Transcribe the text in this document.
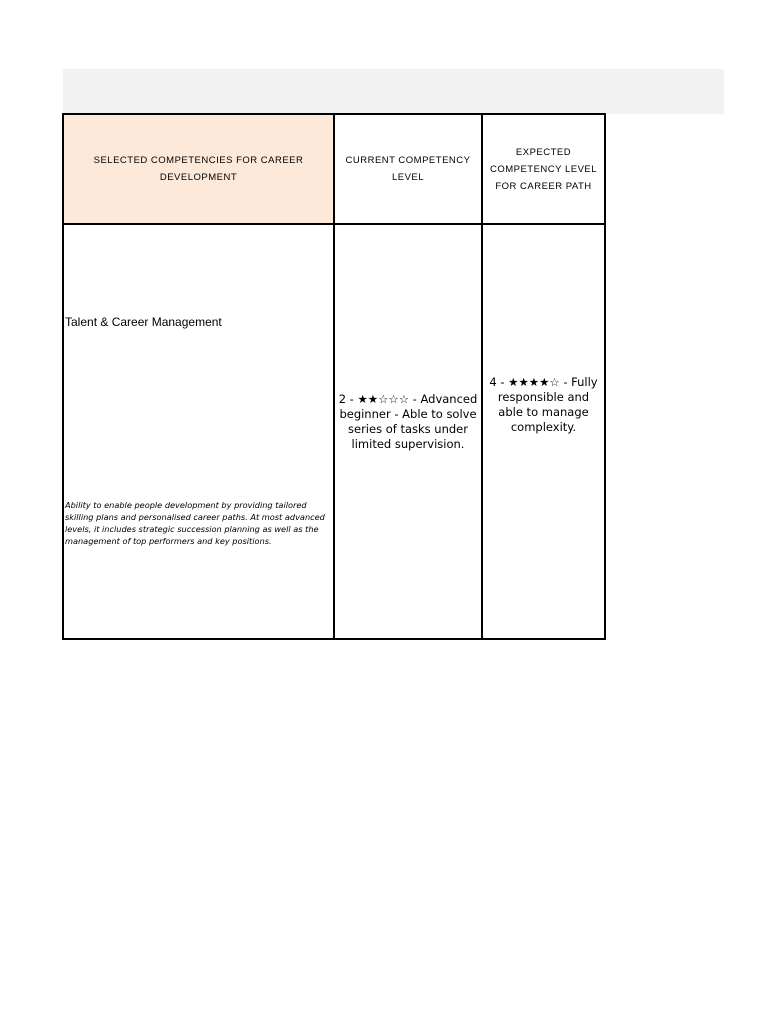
SELECTED COMPETENCIES FOR CAREER DEVELOPMENT	CURRENT COMPETENCY LEVEL	EXPECTED COMPETENCY LEVEL FOR CAREER PATH

Talent & Career Management
Ability to enable people development by providing tailored skilling plans and personalised career paths. At most advanced levels, it includes strategic succession planning as well as the management of top performers and key positions.	2 - ★★☆☆☆ - Advanced beginner - Able to solve series of tasks under limited supervision.	4 - ★★★★☆ - Fully responsible and able to manage complexity.
